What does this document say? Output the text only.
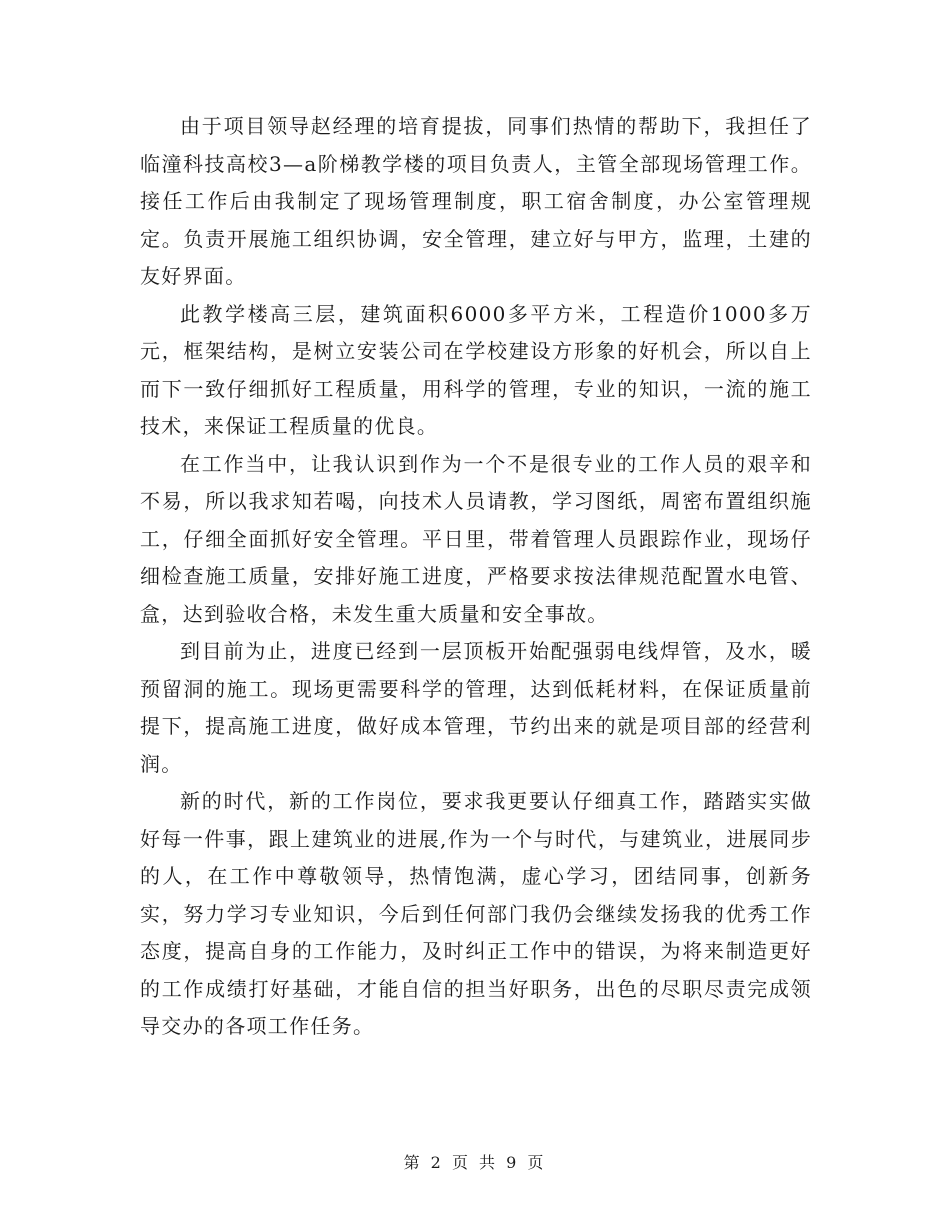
由于项目领导赵经理的培育提拔，同事们热情的帮助下，我担任了临潼科技高校3—a阶梯教学楼的项目负责人，主管全部现场管理工作。接任工作后由我制定了现场管理制度，职工宿舍制度，办公室管理规定。负责开展施工组织协调，安全管理，建立好与甲方，监理，土建的友好界面。

此教学楼高三层，建筑面积6000多平方米，工程造价1000多万元，框架结构，是树立安装公司在学校建设方形象的好机会，所以自上而下一致仔细抓好工程质量，用科学的管理，专业的知识，一流的施工技术，来保证工程质量的优良。

在工作当中，让我认识到作为一个不是很专业的工作人员的艰辛和不易，所以我求知若喝，向技术人员请教，学习图纸，周密布置组织施工，仔细全面抓好安全管理。平日里，带着管理人员跟踪作业，现场仔细检查施工质量，安排好施工进度，严格要求按法律规范配置水电管、盒，达到验收合格，未发生重大质量和安全事故。

到目前为止，进度已经到一层顶板开始配强弱电线焊管，及水，暖预留洞的施工。现场更需要科学的管理，达到低耗材料，在保证质量前提下，提高施工进度，做好成本管理，节约出来的就是项目部的经营利润。

新的时代，新的工作岗位，要求我更要认仔细真工作，踏踏实实做好每一件事，跟上建筑业的进展,作为一个与时代，与建筑业，进展同步的人，在工作中尊敬领导，热情饱满，虚心学习，团结同事，创新务实，努力学习专业知识，今后到任何部门我仍会继续发扬我的优秀工作态度，提高自身的工作能力，及时纠正工作中的错误，为将来制造更好的工作成绩打好基础，才能自信的担当好职务，出色的尽职尽责完成领导交办的各项工作任务。

第 2 页 共 9 页
